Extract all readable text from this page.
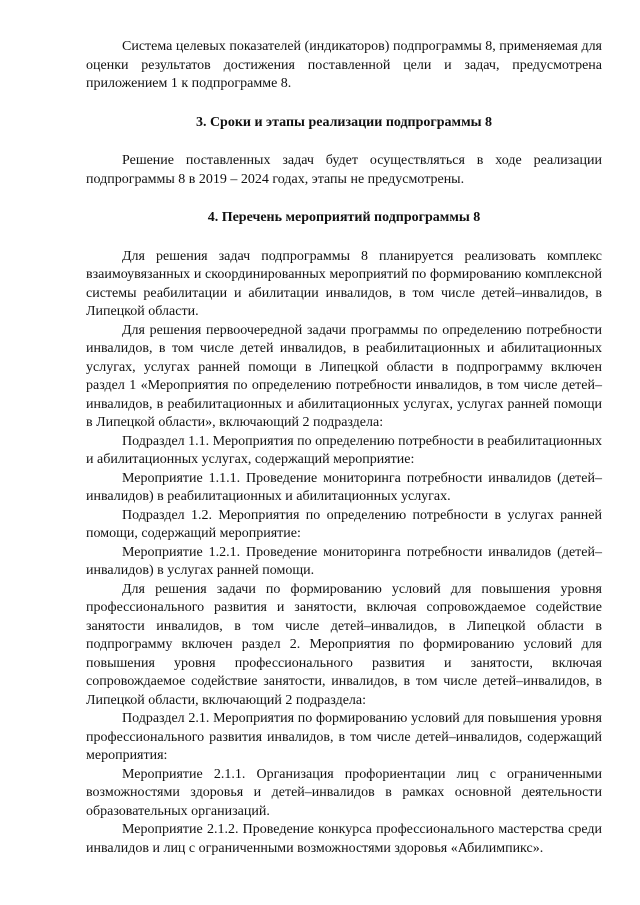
Система целевых показателей (индикаторов) подпрограммы 8, применяемая для оценки результатов достижения поставленной цели и задач, предусмотрена приложением 1 к подпрограмме 8.

3. Сроки и этапы реализации подпрограммы 8

Решение поставленных задач будет осуществляться в ходе реализации подпрограммы 8 в 2019 – 2024 годах, этапы не предусмотрены.

4. Перечень мероприятий подпрограммы 8

Для решения задач подпрограммы 8 планируется реализовать комплекс взаимоувязанных и скоординированных мероприятий по формированию комплексной системы реабилитации и абилитации инвалидов, в том числе детей–инвалидов, в Липецкой области.

Для решения первоочередной задачи программы по определению потребности инвалидов, в том числе детей инвалидов, в реабилитационных и абилитационных услугах, услугах ранней помощи в Липецкой области в подпрограмму включен раздел 1 «Мероприятия по определению потребности инвалидов, в том числе детей–инвалидов, в реабилитационных и абилитационных услугах, услугах ранней помощи в Липецкой области», включающий 2 подраздела:

Подраздел 1.1. Мероприятия по определению потребности в реабилитационных и абилитационных услугах, содержащий мероприятие:

Мероприятие 1.1.1. Проведение мониторинга потребности инвалидов (детей–инвалидов) в реабилитационных и абилитационных услугах.

Подраздел 1.2. Мероприятия по определению потребности в услугах ранней помощи, содержащий мероприятие:

Мероприятие 1.2.1. Проведение мониторинга потребности инвалидов (детей–инвалидов) в услугах ранней помощи.

Для решения задачи по формированию условий для повышения уровня профессионального развития и занятости, включая сопровождаемое содействие занятости инвалидов, в том числе детей–инвалидов, в Липецкой области в подпрограмму включен раздел 2. Мероприятия по формированию условий для повышения уровня профессионального развития и занятости, включая сопровождаемое содействие занятости, инвалидов, в том числе детей–инвалидов, в Липецкой области, включающий 2 подраздела:

Подраздел 2.1. Мероприятия по формированию условий для повышения уровня профессионального развития инвалидов, в том числе детей–инвалидов, содержащий мероприятия:

Мероприятие 2.1.1. Организация профориентации лиц с ограниченными возможностями здоровья и детей–инвалидов в рамках основной деятельности образовательных организаций.

Мероприятие 2.1.2. Проведение конкурса профессионального мастерства среди инвалидов и лиц с ограниченными возможностями здоровья «Абилимпикс».
